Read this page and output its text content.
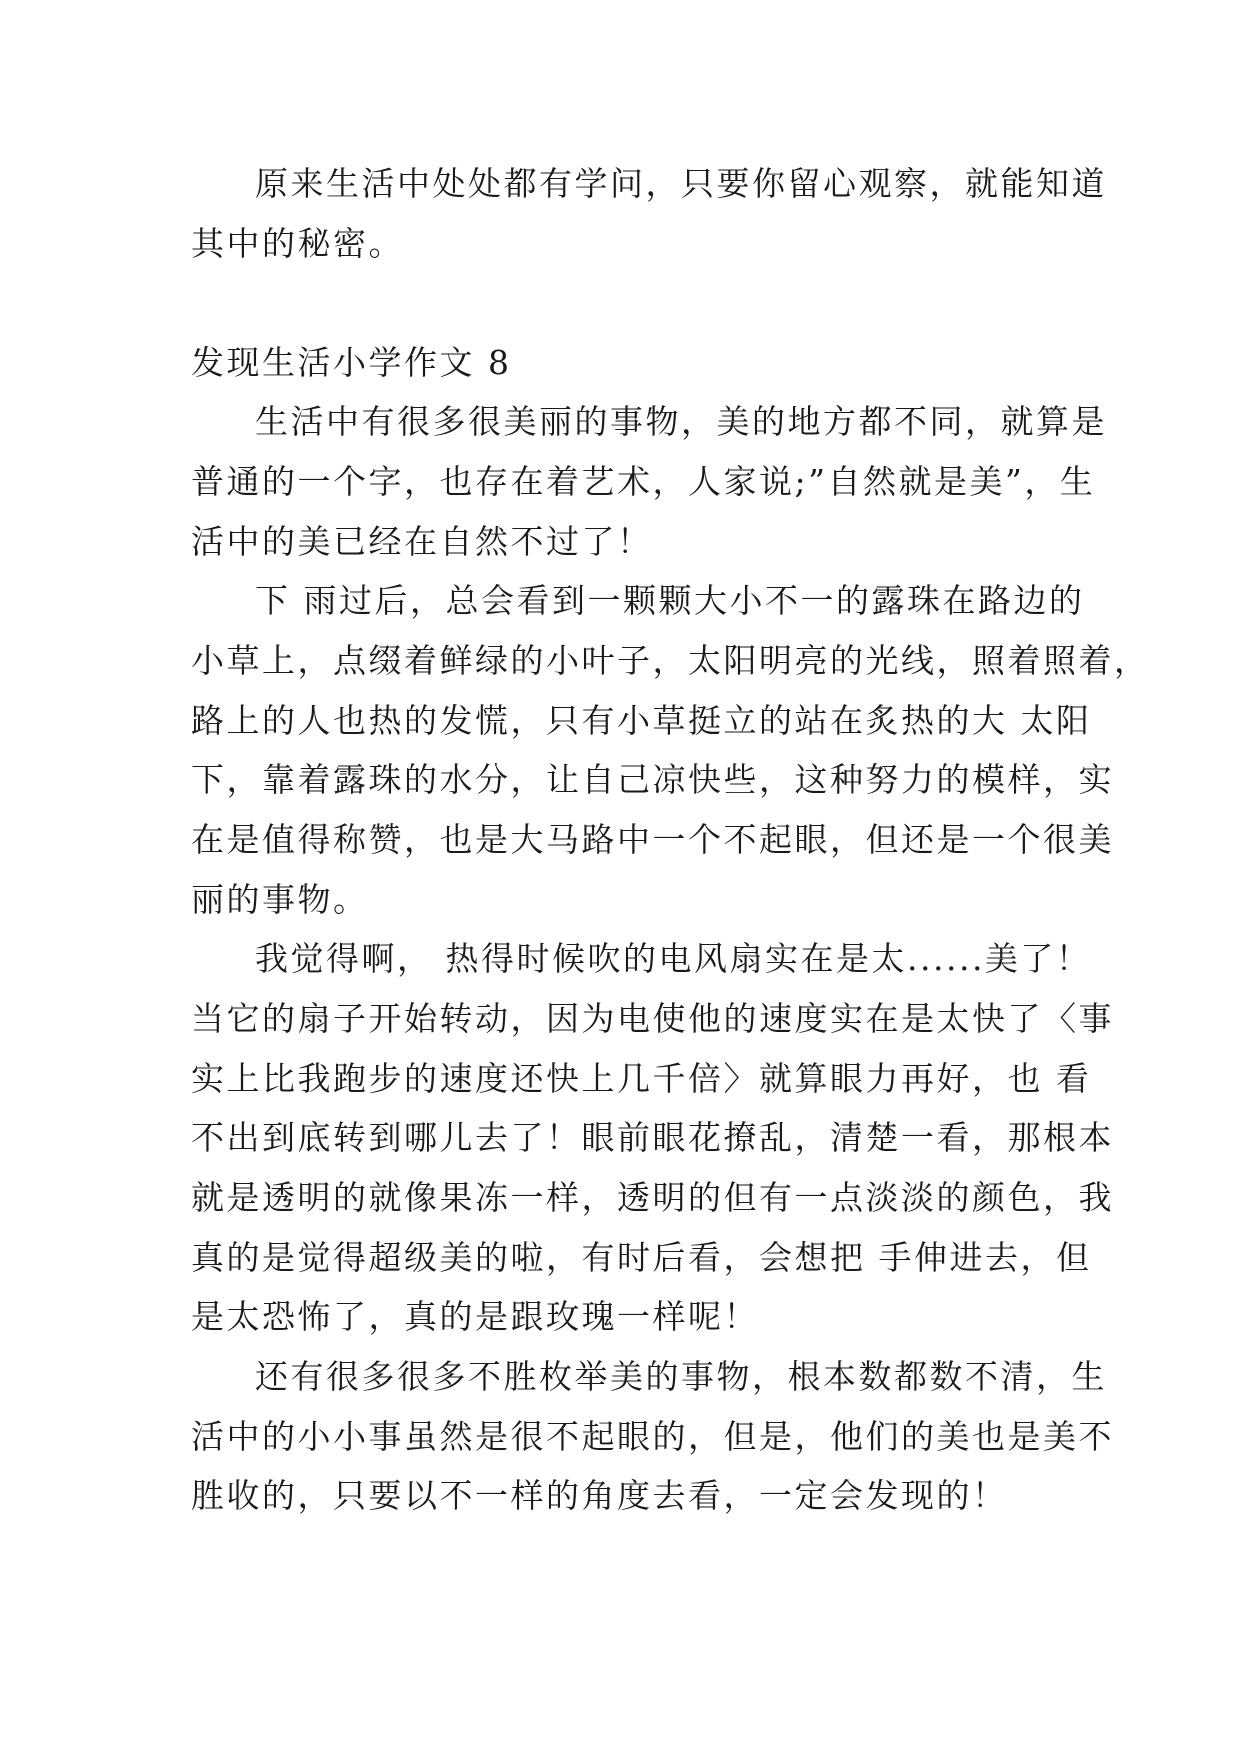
原来生活中处处都有学问，只要你留心观察，就能知道
其中的秘密。
发现生活小学作文 8
生活中有很多很美丽的事物，美的地方都不同，就算是
普通的一个字，也存在着艺术，人家说;”自然就是美”，生
活中的美已经在自然不过了！
下 雨过后，总会看到一颗颗大小不一的露珠在路边的
小草上，点缀着鲜绿的小叶子，太阳明亮的光线，照着照着，
路上的人也热的发慌，只有小草挺立的站在炙热的大 太阳
下，靠着露珠的水分，让自己凉快些，这种努力的模样，实
在是值得称赞，也是大马路中一个不起眼，但还是一个很美
丽的事物。
我觉得啊， 热得时候吹的电风扇实在是太......美了！
当它的扇子开始转动，因为电使他的速度实在是太快了〈事
实上比我跑步的速度还快上几千倍〉就算眼力再好，也 看
不出到底转到哪儿去了！眼前眼花撩乱，清楚一看，那根本
就是透明的就像果冻一样，透明的但有一点淡淡的颜色，我
真的是觉得超级美的啦，有时后看，会想把 手伸进去，但
是太恐怖了，真的是跟玫瑰一样呢！
还有很多很多不胜枚举美的事物，根本数都数不清，生
活中的小小事虽然是很不起眼的，但是，他们的美也是美不
胜收的，只要以不一样的角度去看，一定会发现的！
